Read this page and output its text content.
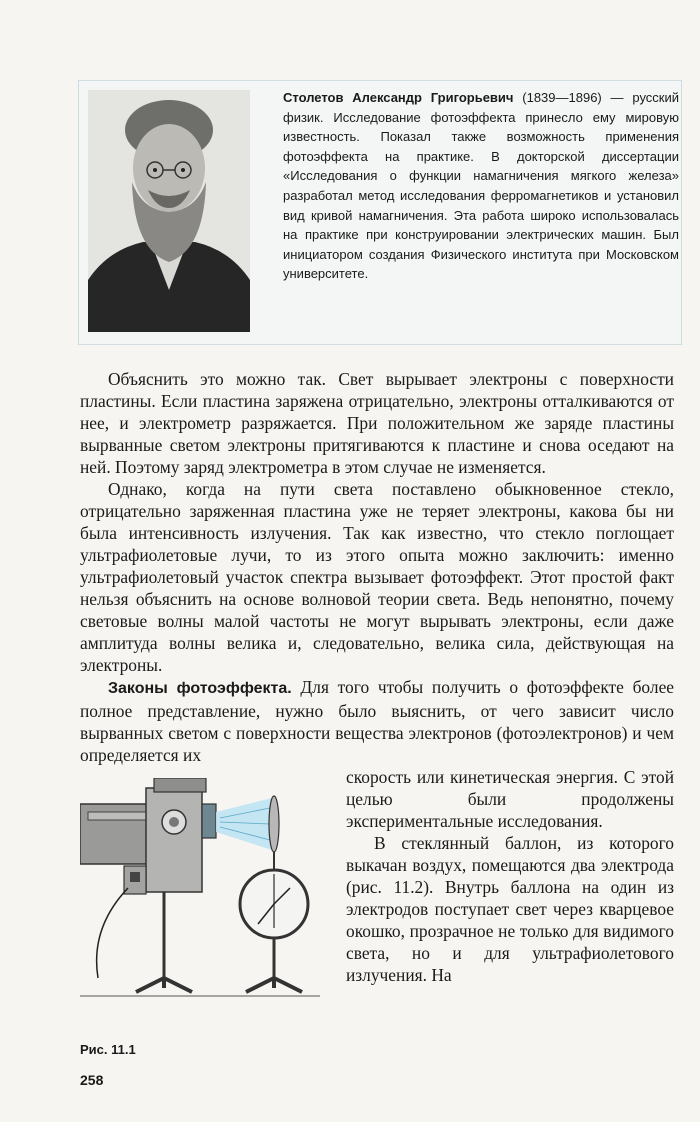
Столетов Александр Григорьевич (1839—1896) — русский физик. Исследование фотоэффекта принесло ему мировую известность. Показал также возможность применения фотоэффекта на практике. В докторской диссертации «Исследования о функции намагничения мягкого железа» разработал метод исследования ферромагнетиков и установил вид кривой намагничения. Эта работа широко использовалась на практике при конструировании электрических машин. Был инициатором создания Физического института при Московском университете.

Объяснить это можно так. Свет вырывает электроны с поверхности пластины. Если пластина заряжена отрицательно, электроны отталкиваются от нее, и электрометр разряжается. При положительном же заряде пластины вырванные светом электроны притягиваются к пластине и снова оседают на ней. Поэтому заряд электрометра в этом случае не изменяется.

Однако, когда на пути света поставлено обыкновенное стекло, отрицательно заряженная пластина уже не теряет электроны, какова бы ни была интенсивность излучения. Так как известно, что стекло поглощает ультрафиолетовые лучи, то из этого опыта можно заключить: именно ультрафиолетовый участок спектра вызывает фотоэффект. Этот простой факт нельзя объяснить на основе волновой теории света. Ведь непонятно, почему световые волны малой частоты не могут вырывать электроны, если даже амплитуда волны велика и, следовательно, велика сила, действующая на электроны.

Законы фотоэффекта. Для того чтобы получить о фотоэффекте более полное представление, нужно было выяснить, от чего зависит число вырванных светом с поверхности вещества электронов (фотоэлектронов) и чем определяется их

скорость или кинетическая энергия. С этой целью были продолжены экспериментальные исследования.

В стеклянный баллон, из которого выкачан воздух, помещаются два электрода (рис. 11.2). Внутрь баллона на один из электродов поступает свет через кварцевое окошко, прозрачное не только для видимого света, но и для ультрафиолетового излучения. На

Рис. 11.1
258
